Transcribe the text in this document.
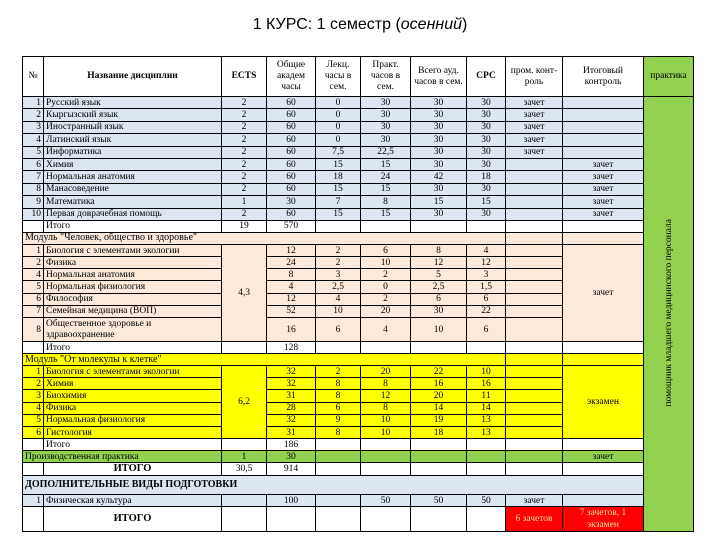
1 КУРС: 1 семестр (осенний)
№	Название дисциплин	ECTS	Общие академ часы	Лекц. часы в сем.	Практ. часов в сем.	Всего ауд. часов в сем.	СРС	пром. конт-роль	Итоговый контроль	практика
1	Русский язык	2	60	0	30	30	30	зачет		помощник младшего медицинского персонала
2	Кыргызский язык	2	60	0	30	30	30	зачет		
3	Иностранный язык	2	60	0	30	30	30	зачет		
4	Латинский язык	2	60	0	30	30	30	зачет		
5	Информатика	2	60	7,5	22,5	30	30	зачет		
6	Химия	2	60	15	15	30	30		зачет	
7	Нормальная анатомия	2	60	18	24	42	18		зачет	
8	Манасоведение	2	60	15	15	30	30		зачет	
9	Математика	1	30	7	8	15	15		зачет	
10	Первая доврачебная помощь	2	60	15	15	30	30		зачет	
	Итого	19	570							
Модуль "Человек, общество и здоровье"										
1	Биология с элементами экологии	4,3	12	2	6	8	4		зачет	
2	Физика		24	2	10	12	12			
4	Нормальная анатомия		8	3	2	5	3			
5	Нормальная физиология		4	2,5	0	2,5	1,5			
6	Философия		12	4	2	6	6			
7	Семейная медицина (ВОП)		52	10	20	30	22			
8	Общественное здоровье и здравоохранение		16	6	4	10	6			
	Итого		128							
Модуль "От молекулы к клетке"										
1	Биология с элементами экологии	6,2	32	2	20	22	10		экзамен	
2	Химия		32	8	8	16	16			
3	Биохимия		31	8	12	20	11			
4	Физика		28	6	8	14	14			
5	Нормальная физиология		32	9	10	19	13			
6	Гистология		31	8	10	18	13			
	Итого		186							
Производственная практика		1	30						зачет	
	ИТОГО	30,5	914							
ДОПОЛНИТЕЛЬНЫЕ ВИДЫ ПОДГОТОВКИ										
1	Физическая культура		100		50	50	50	зачет		
	ИТОГО							6 зачетов	7 зачетов, 1 экзамен	
